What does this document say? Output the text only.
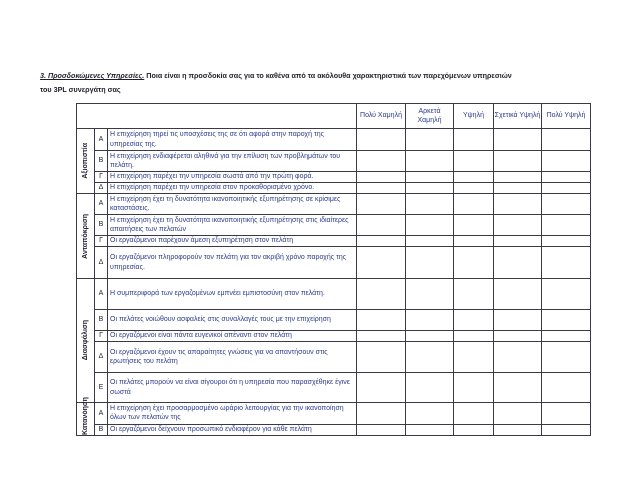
3. Προσδοκώμενες Υπηρεσίες. Ποια είναι η προσδοκία σας για το καθένα από τα ακόλουθα χαρακτηριστικά των παρεχόμενων υπηρεσιών
του 3PL συνεργάτη σας
			Πολύ Χαμηλή	Αρκετά Χαμηλή	Υψηλή	Σχετικά Υψηλή	Πολύ Υψηλή

Αξιοπιστία	Α	Η επιχείρηση τηρεί τις υποσχέσεις της σε ότι αφορά στην παροχή της υπηρεσίας της.					
	Β	Η επιχείρηση ενδιαφέρεται αληθινά για την επίλυση των προβλημάτων του πελάτη.					
	Γ	Η επιχείρηση παρέχει την υπηρεσία σωστά από την πρώτη φορά.					
	Δ	Η επιχείρηση παρέχει την υπηρεσία στον προκαθορισμένο χρόνο.					

Ανταπόκριση	Α	Η επιχείρηση έχει τη δυνατότητα ικανοποιητικής εξυπηρέτησης σε κρίσιμες καταστάσεις.					
	Β	Η επιχείρηση έχει τη δυνατότητα ικανοποιητικής εξυπηρέτησης στις ιδιαίτερες απαιτήσεις των πελατών					
	Γ	Οι εργαζόμενοι παρέχουν άμεση εξυπηρέτηση στον πελάτη					
	Δ	Οι εργαζόμενοι πληροφορούν τον πελάτη για τον ακριβή χρόνο παροχής της υπηρεσίας.					

Διασφάλιση	Α	Η συμπεριφορά των εργαζομένων εμπνέει εμπιστοσύνη στον πελάτη.					
	Β	Οι πελάτες νοιώθουν ασφαλείς στις συναλλαγές τους με την επιχείρηση					
	Γ	Οι εργαζόμενοι είναι πάντα ευγενικοί απέναντι στον πελάτη					
	Δ	Οι εργαζόμενοι έχουν τις απαραίτητες γνώσεις για να απαντήσουν στις ερωτήσεις του πελάτη					
	Ε	Οι πελάτες μπορούν να είναι σίγουροι ότι η υπηρεσία που παρασχέθηκε έγινε σωστά					

Κατανόηση	Α	Η επιχείρηση έχει προσαρμοσμένο ωράριο λειτουργίας για την ικανοποίηση όλων των πελατών της					
	Β	Οι εργαζόμενοι δείχνουν προσωπικό ενδιαφέρον για κάθε πελάτη					
